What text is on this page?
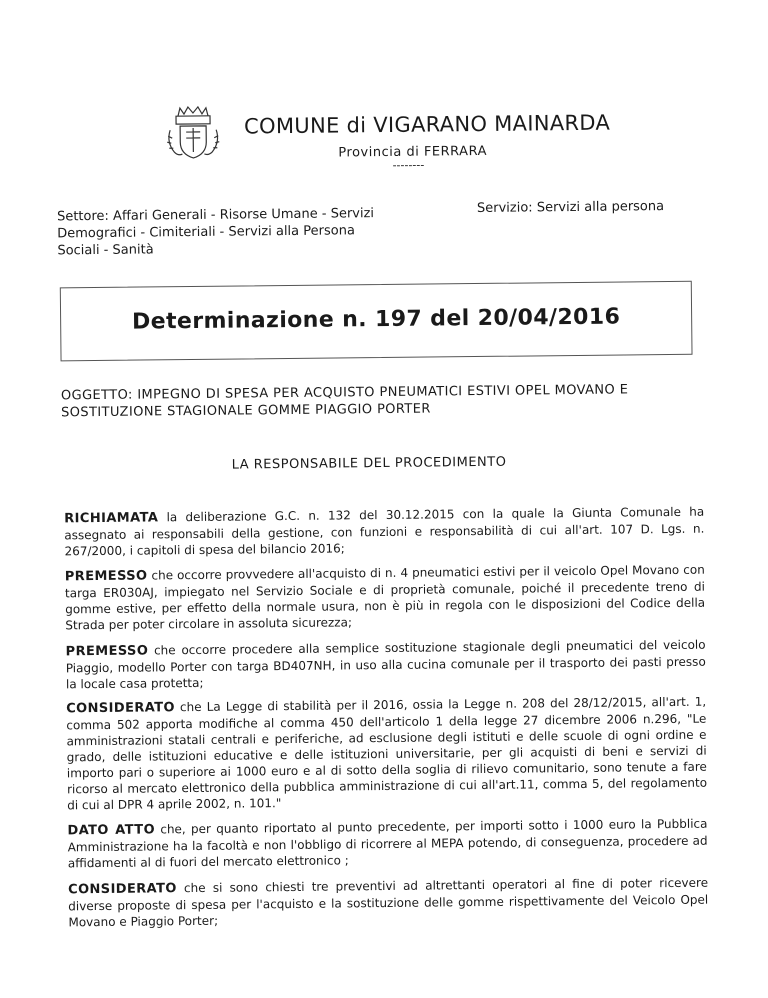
COMUNE di VIGARANO MAINARDA
Provincia di FERRARA
--------
Settore: Affari Generali - Risorse Umane - Servizi Demografici - Cimiteriali - Servizi alla Persona Sociali - Sanità
Servizio: Servizi alla persona
Determinazione n. 197 del 20/04/2016
OGGETTO: IMPEGNO DI SPESA PER ACQUISTO PNEUMATICI ESTIVI OPEL MOVANO E SOSTITUZIONE STAGIONALE GOMME PIAGGIO PORTER
LA RESPONSABILE DEL PROCEDIMENTO
RICHIAMATA la deliberazione G.C. n. 132 del 30.12.2015 con la quale la Giunta Comunale ha assegnato ai responsabili della gestione, con funzioni e responsabilità di cui all'art. 107 D. Lgs. n. 267/2000, i capitoli di spesa del bilancio 2016;
PREMESSO che occorre provvedere all'acquisto di n. 4 pneumatici estivi per il veicolo Opel Movano con targa ER030AJ, impiegato nel Servizio Sociale e di proprietà comunale, poiché il precedente treno di gomme estive, per effetto della normale usura, non è più in regola con le disposizioni del Codice della Strada per poter circolare in assoluta sicurezza;
PREMESSO che occorre procedere alla semplice sostituzione stagionale degli pneumatici del veicolo Piaggio, modello Porter con targa BD407NH, in uso alla cucina comunale per il trasporto dei pasti presso la locale casa protetta;
CONSIDERATO che La Legge di stabilità per il 2016, ossia la Legge n. 208 del 28/12/2015, all'art. 1, comma 502 apporta modifiche al comma 450 dell'articolo 1 della legge 27 dicembre 2006 n.296, "Le amministrazioni statali centrali e periferiche, ad esclusione degli istituti e delle scuole di ogni ordine e grado, delle istituzioni educative e delle istituzioni universitarie, per gli acquisti di beni e servizi di importo pari o superiore ai 1000 euro e al di sotto della soglia di rilievo comunitario, sono tenute a fare ricorso al mercato elettronico della pubblica amministrazione di cui all'art.11, comma 5, del regolamento di cui al DPR 4 aprile 2002, n. 101."
DATO ATTO che, per quanto riportato al punto precedente, per importi sotto i 1000 euro la Pubblica Amministrazione ha la facoltà e non l'obbligo di ricorrere al MEPA potendo, di conseguenza, procedere ad affidamenti al di fuori del mercato elettronico ;
CONSIDERATO che si sono chiesti tre preventivi ad altrettanti operatori al fine di poter ricevere diverse proposte di spesa per l'acquisto e la sostituzione delle gomme rispettivamente del Veicolo Opel Movano e Piaggio Porter;
